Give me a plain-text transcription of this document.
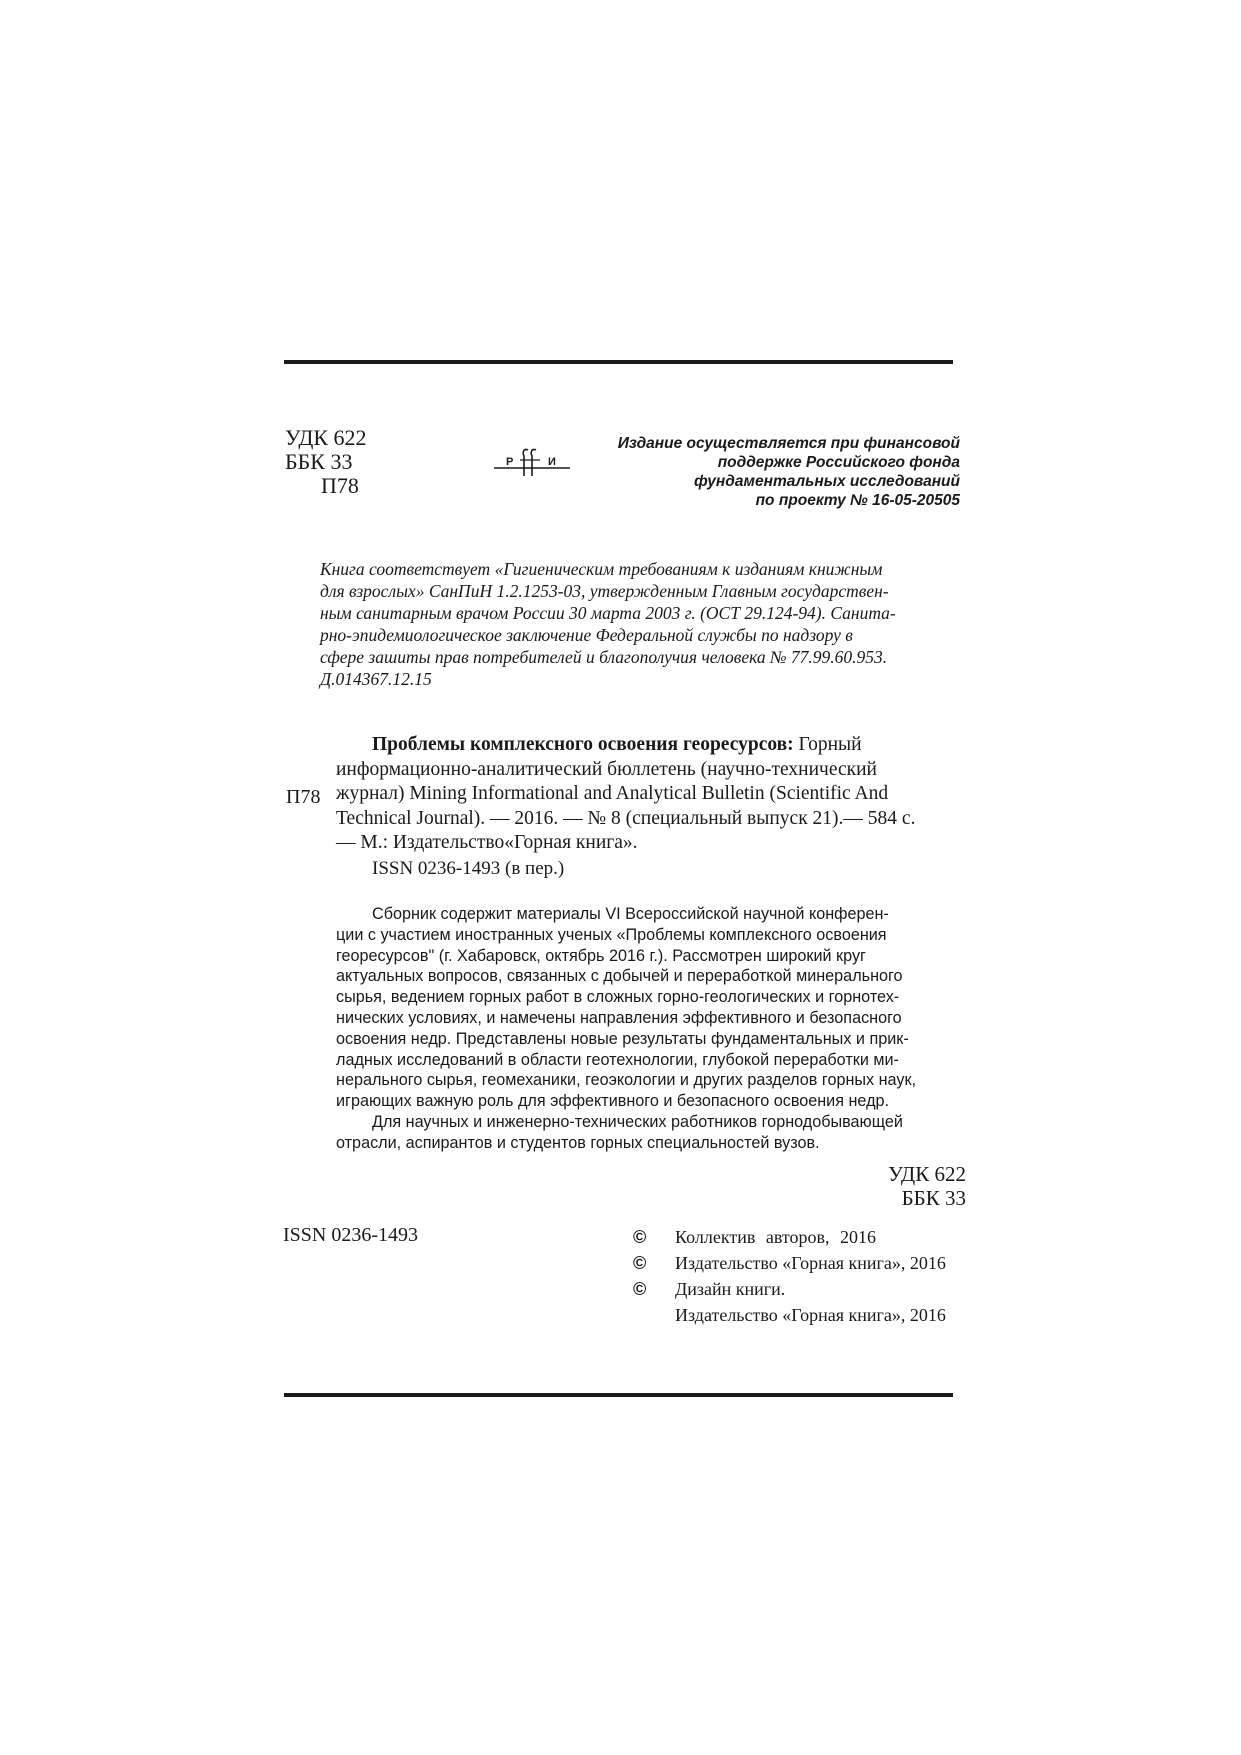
УДК 622
ББК 33
П78
Р	И
Издание осуществляется при финансовой
поддержке Российского фонда
фундаментальных исследований
по проекту № 16-05-20505
Книга соответствует «Гигиеническим требованиям к изданиям книжным
для взрослых» СанПиН 1.2.1253-03, утвержденным Главным государствен-
ным санитарным врачом России 30 марта 2003 г. (ОСТ 29.124-94). Санита-
рно-эпидемиологическое заключение Федеральной службы по надзору в
сфере зашиты прав потребителей и благополучия человека № 77.99.60.953.
Д.014367.12.15
П78
Проблемы комплексного освоения георесурсов: Горный
информационно-аналитический бюллетень (научно-технический
журнал) Mining Informational and Analytical Bulletin (Scientific And
Technical Journal). — 2016. — № 8 (специальный выпуск 21).— 584 с.
— М.: Издательство«Горная книга».
ISSN 0236-1493 (в пер.)
Сборник содержит материалы VI Всероссийской научной конферен-
ции с участием иностранных ученых «Проблемы комплексного освоения
георесурсов" (г. Хабаровск, октябрь 2016 г.). Рассмотрен широкий круг
актуальных вопросов, связанных с добычей и переработкой минерального
сырья, ведением горных работ в сложных горно-геологических и горнотех-
нических условиях, и намечены направления эффективного и безопасного
освоения недр. Представлены новые результаты фундаментальных и прик-
ладных исследований в области геотехнологии, глубокой переработки ми-
нерального сырья, геомеханики, геоэкологии и других разделов горных наук,
играющих важную роль для эффективного и безопасного освоения недр.
Для научных и инженерно-технических работников горнодобывающей
отрасли, аспирантов и студентов горных специальностей вузов.
УДК 622
ББК 33
ISSN 0236-1493	©	Коллектив авторов, 2016
©	Издательство «Горная книга», 2016
©	Дизайн книги.
Издательство «Горная книга», 2016
